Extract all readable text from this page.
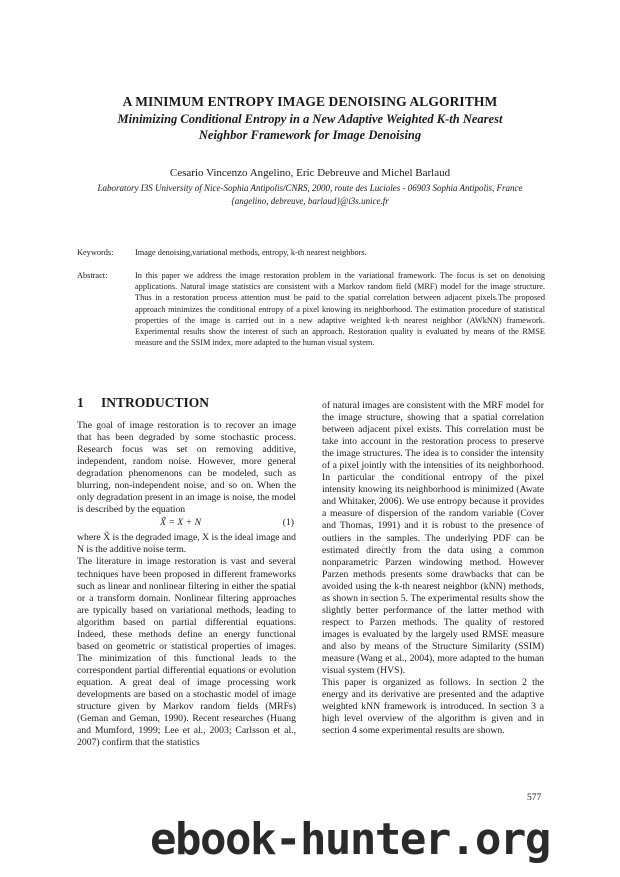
A MINIMUM ENTROPY IMAGE DENOISING ALGORITHM
Minimizing Conditional Entropy in a New Adaptive Weighted K-th Nearest
Neighbor Framework for Image Denoising
Cesario Vincenzo Angelino, Eric Debreuve and Michel Barlaud
Laboratory I3S University of Nice-Sophia Antipolis/CNRS, 2000, route des Lucioles - 06903 Sophia Antipolis, France
{angelino, debreuve, barlaud}@i3s.unice.fr
Keywords:	Image denoising,variational methods, entropy, k-th nearest neighbors.
Abstract:	In this paper we address the image restoration problem in the variational framework. The focus is set on denoising applications. Natural image statistics are consistent with a Markov random field (MRF) model for the image structure. Thus in a restoration process attention must be paid to the spatial correlation between adjacent pixels.The proposed approach minimizes the conditional entropy of a pixel knowing its neighborhood. The estimation procedure of statistical properties of the image is carried out in a new adaptive weighted k-th nearest neighbor (AWkNN) framework. Experimental results show the interest of such an approach. Restoration quality is evaluated by means of the RMSE measure and the SSIM index, more adapted to the human visual system.
1 INTRODUCTION

The goal of image restoration is to recover an image that has been degraded by some stochastic process. Research focus was set on removing additive, independent, random noise. However, more general degradation phenomenons can be modeled, such as blurring, non-independent noise, and so on. When the only degradation present in an image is noise, the model is described by the equation

X̃ = X + N	(1)

where X̃ is the degraded image, X is the ideal image and N is the additive noise term.

The literature in image restoration is vast and several techniques have been proposed in different frameworks such as linear and nonlinear filtering in either the spatial or a transform domain. Nonlinear filtering approaches are typically based on variational methods, leading to algorithm based on partial differential equations. Indeed, these methods define an energy functional based on geometric or statistical properties of images. The minimization of this functional leads to the correspondent partial differential equations or evolution equation. A great deal of image processing work developments are based on a stochastic model of image structure given by Markov random fields (MRFs) (Geman and Geman, 1990). Recent researches (Huang and Mumford, 1999; Lee et al., 2003; Carlsson et al., 2007) confirm that the statistics

of natural images are consistent with the MRF model for the image structure, showing that a spatial correlation between adjacent pixel exists. This correlation must be take into account in the restoration process to preserve the image structures. The idea is to consider the intensity of a pixel jointly with the intensities of its neighborhood. In particular the conditional entropy of the pixel intensity knowing its neighborhood is minimized (Awate and Whitaker, 2006). We use entropy because it provides a measure of dispersion of the random variable (Cover and Thomas, 1991) and it is robust to the presence of outliers in the samples. The underlying PDF can be estimated directly from the data using a common nonparametric Parzen windowing method. However Parzen methods presents some drawbacks that can be avoided using the k-th nearest neighbor (kNN) methods, as shown in section 5. The experimental results show the slightly better performance of the latter method with respect to Parzen methods. The quality of restored images is evaluated by the largely used RMSE measure and also by means of the Structure Similarity (SSIM) measure (Wang et al., 2004), more adapted to the human visual system (HVS).

This paper is organized as follows. In section 2 the energy and its derivative are presented and the adaptive weighted kNN framework is introduced. In section 3 a high level overview of the algorithm is given and in section 4 some experimental results are shown.

577
ebook-hunter.org
